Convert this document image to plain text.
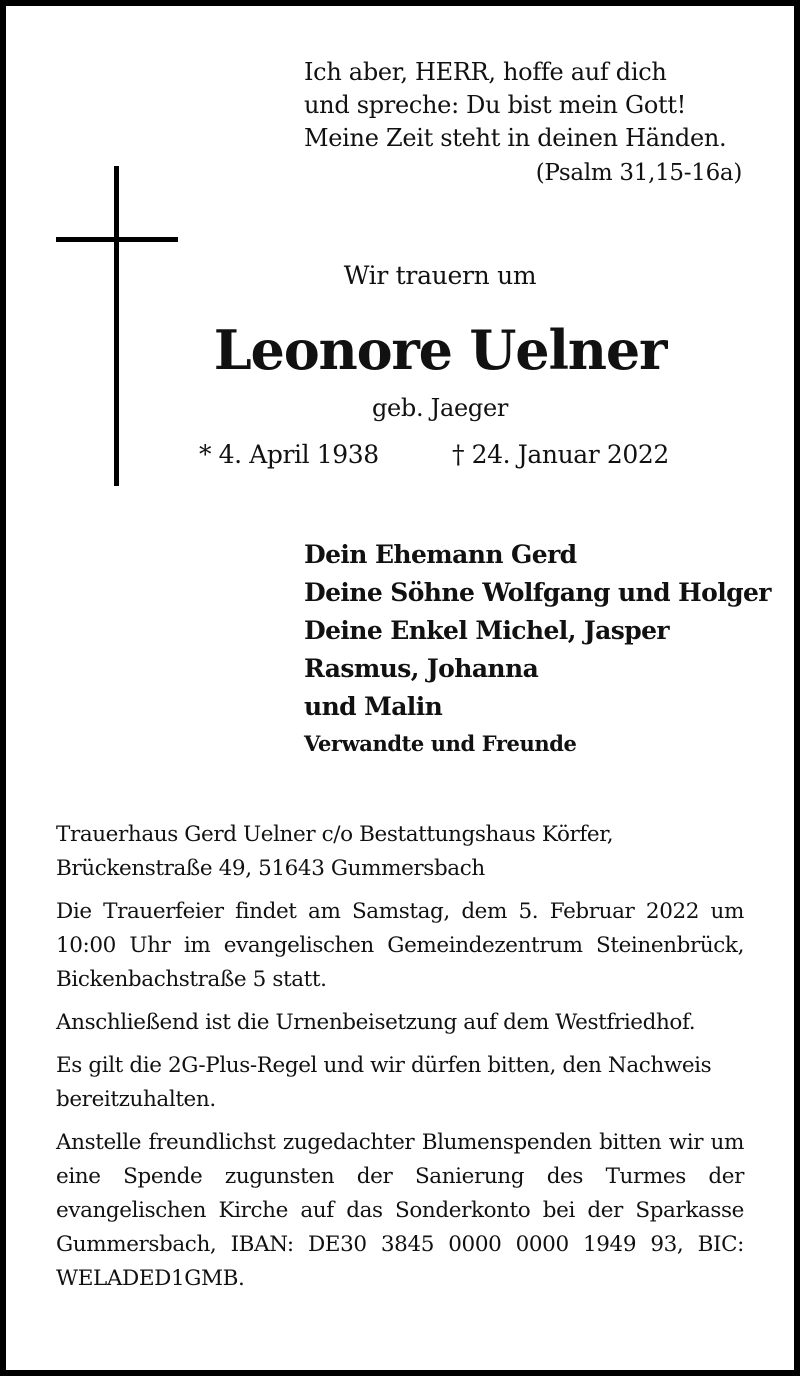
Ich aber, HERR, hoffe auf dich
und spreche: Du bist mein Gott!
Meine Zeit steht in deinen Händen.
(Psalm 31,15-16a)
Wir trauern um
Leonore Uelner
geb. Jaeger
* 4. April 1938	† 24. Januar 2022
Dein Ehemann Gerd
Deine Söhne Wolfgang und Holger
Deine Enkel Michel, Jasper
Rasmus, Johanna
und Malin
Verwandte und Freunde

Trauerhaus Gerd Uelner c/o Bestattungshaus Körfer,
Brückenstraße 49, 51643 Gummersbach

Die Trauerfeier findet am Samstag, dem 5. Februar 2022 um 10:00 Uhr im evangelischen Gemeindezentrum Steinenbrück, Bickenbachstraße 5 statt.

Anschließend ist die Urnenbeisetzung auf dem Westfriedhof.

Es gilt die 2G-Plus-Regel und wir dürfen bitten, den Nachweis bereitzuhalten.

Anstelle freundlichst zugedachter Blumenspenden bitten wir um eine Spende zugunsten der Sanierung des Turmes der evangelischen Kirche auf das Sonderkonto bei der Sparkasse Gummersbach, IBAN: DE30 3845 0000 0000 1949 93, BIC: WELADED1GMB.
